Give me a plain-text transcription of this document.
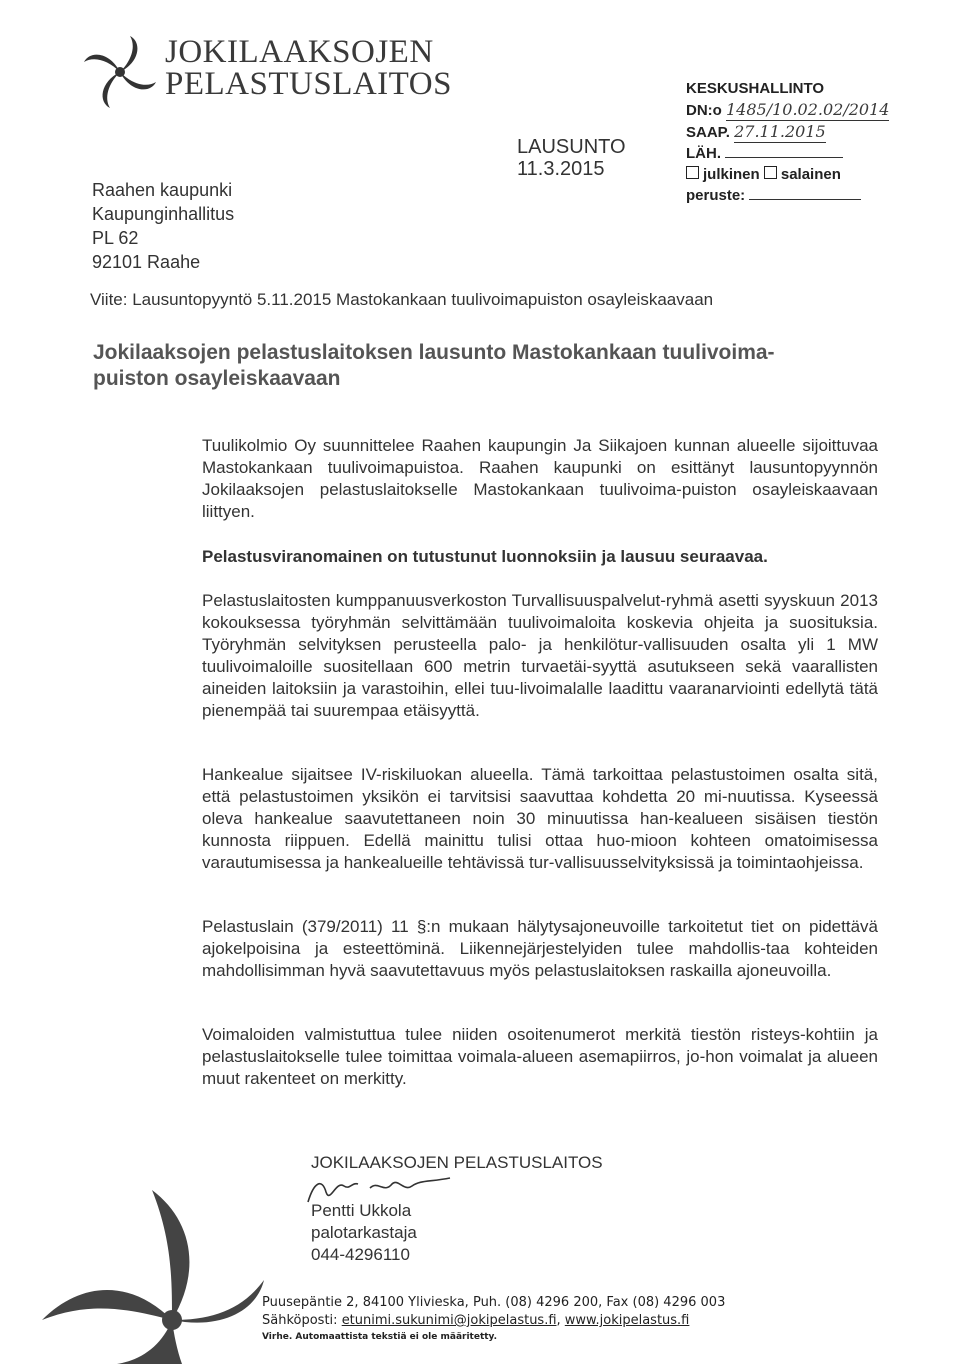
JOKILAAKSOJEN
PELASTUSLAITOS
Raahen kaupunki
Kaupunginhallitus
PL 62
92101 Raahe
LAUSUNTO
11.3.2015
KESKUSHALLINTO
DN:o
1485/10.02.02/2014
SAAP.
27.11.2015
LÄH.

julkinen
salainen
peruste:

Viite: Lausuntopyyntö 5.11.2015 Mastokankaan tuulivoimapuiston osayleiskaavaan
Jokilaaksojen pelastuslaitoksen lausunto Mastokankaan tuulivoima-
puiston osayleiskaavaan

Tuulikolmio Oy suunnittelee Raahen kaupungin Ja Siikajoen kunnan alueelle sijoittuvaa Mastokankaan tuulivoimapuistoa. Raahen kaupunki on esittänyt lausuntopyynnön Jokilaaksojen pelastuslaitokselle Mastokankaan tuulivoima-puiston osayleiskaavaan liittyen.

Pelastusviranomainen on tutustunut luonnoksiin ja lausuu seuraavaa.

Pelastuslaitosten kumppanuusverkoston Turvallisuuspalvelut-ryhmä asetti syyskuun 2013 kokouksessa työryhmän selvittämään tuulivoimaloita koskevia ohjeita ja suosituksia. Työryhmän selvityksen perusteella palo- ja henkilötur-vallisuuden osalta yli 1 MW tuulivoimaloille suositellaan 600 metrin turvaetäi-syyttä asutukseen sekä vaarallisten aineiden laitoksiin ja varastoihin, ellei tuu-livoimalalle laadittu vaaranarviointi edellytä tätä pienempää tai suurempaa etäisyyttä.

Hankealue sijaitsee IV-riskiluokan alueella. Tämä tarkoittaa pelastustoimen osalta sitä, että pelastustoimen yksikön ei tarvitsisi saavuttaa kohdetta 20 mi-nuutissa. Kyseessä oleva hankealue saavutettaneen noin 30 minuutissa han-kealueen sisäisen tiestön kunnosta riippuen. Edellä mainittu tulisi ottaa huo-mioon kohteen omatoimisessa varautumisessa ja hankealueille tehtävissä tur-vallisuusselvityksissä ja toimintaohjeissa.

Pelastuslain (379/2011) 11 §:n mukaan hälytysajoneuvoille tarkoitetut tiet on pidettävä ajokelpoisina ja esteettöminä. Liikennejärjestelyiden tulee mahdollis-taa kohteiden mahdollisimman hyvä saavutettavuus myös pelastuslaitoksen raskailla ajoneuvoilla.

Voimaloiden valmistuttua tulee niiden osoitenumerot merkitä tiestön risteys-kohtiin ja pelastuslaitokselle tulee toimittaa voimala-alueen asemapiirros, jo-hon voimalat ja alueen muut rakenteet on merkitty.

JOKILAAKSOJEN PELASTUSLAITOS
Pentti Ukkola
palotarkastaja
044-4296110
Puusepäntie 2, 84100 Ylivieska, Puh. (08) 4296 200, Fax (08) 4296 003
Sähköposti: etunimi.sukunimi@jokipelastus.fi, www.jokipelastus.fi
Virhe. Automaattista tekstiä ei ole määritetty.
